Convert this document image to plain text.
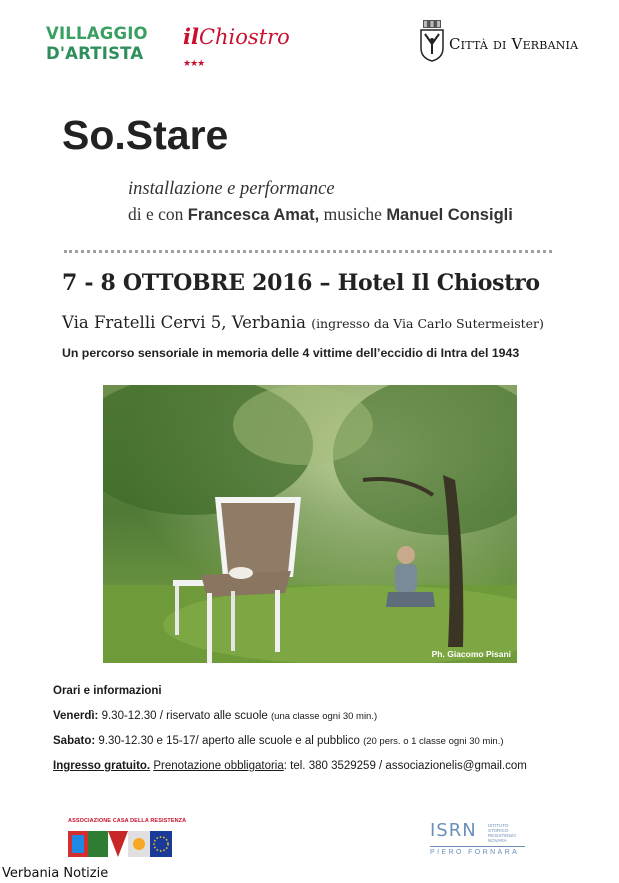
VILLAGGIO
D'ARTISTA
ilChiostro
★★★
Città di Verbania
So.Stare
installazione e performance
di e con Francesca Amat, musiche Manuel Consigli
7 - 8 OTTOBRE 2016 – Hotel Il Chiostro
Via Fratelli Cervi 5, Verbania (ingresso da Via Carlo Sutermeister)
Un percorso sensoriale in memoria delle 4 vittime dell’eccidio di Intra del 1943
Ph. Giacomo Pisani
Orari e informazioni
Venerdì: 9.30-12.30 / riservato alle scuole (una classe ogni 30 min.)
Sabato: 9.30-12.30 e 15-17/ aperto alle scuole e al pubblico (20 pers. o 1 classe ogni 30 min.)
Ingresso gratuito. Prenotazione obbligatoria: tel. 380 3529259 / associazionelis@gmail.com
ASSOCIAZIONE CASA DELLA RESISTENZA	ISRN	ISTITUTO
STORICO
RESISTENZA
NOVARA
PIERO FORNARA
Verbania Notizie
